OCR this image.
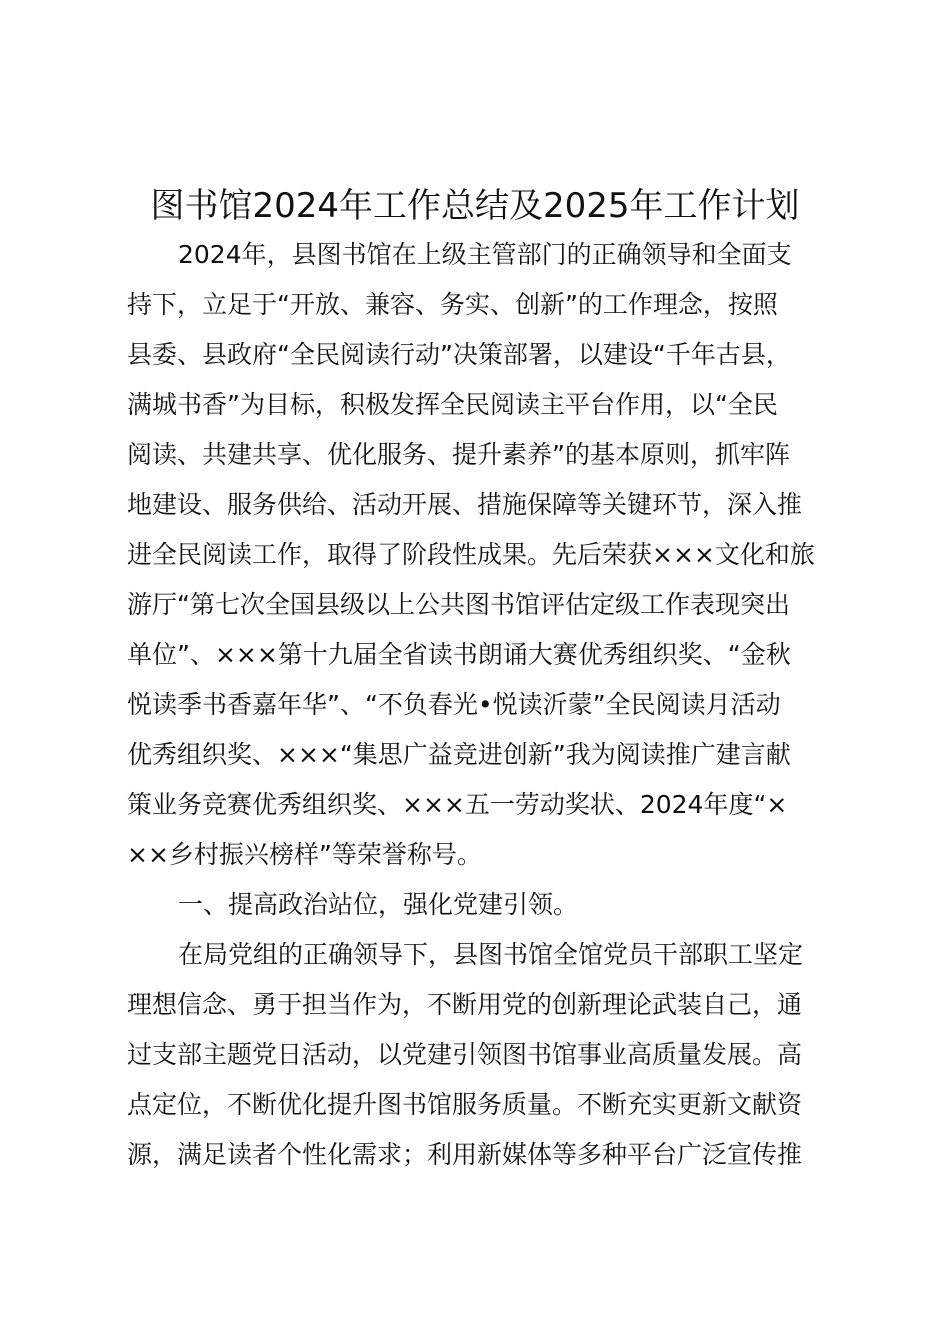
图书馆2024年工作总结及2025年工作计划
2024年，县图书馆在上级主管部门的正确领导和全面支
持下，立足于“开放、兼容、务实、创新”的工作理念，按照
县委、县政府“全民阅读行动”决策部署，以建设“千年古县，
满城书香”为目标，积极发挥全民阅读主平台作用，以“全民
阅读、共建共享、优化服务、提升素养”的基本原则，抓牢阵
地建设、服务供给、活动开展、措施保障等关键环节，深入推
进全民阅读工作，取得了阶段性成果。先后荣获×××文化和旅
游厅“第七次全国县级以上公共图书馆评估定级工作表现突出
单位”、×××第十九届全省读书朗诵大赛优秀组织奖、“金秋
悦读季书香嘉年华”、“不负春光•悦读沂蒙”全民阅读月活动
优秀组织奖、×××“集思广益竞进创新”我为阅读推广建言献
策业务竞赛优秀组织奖、×××五一劳动奖状、2024年度“×
××乡村振兴榜样”等荣誉称号。
一、提高政治站位，强化党建引领。
在局党组的正确领导下，县图书馆全馆党员干部职工坚定
理想信念、勇于担当作为，不断用党的创新理论武装自己，通
过支部主题党日活动，以党建引领图书馆事业高质量发展。高
点定位，不断优化提升图书馆服务质量。不断充实更新文献资
源，满足读者个性化需求；利用新媒体等多种平台广泛宣传推
